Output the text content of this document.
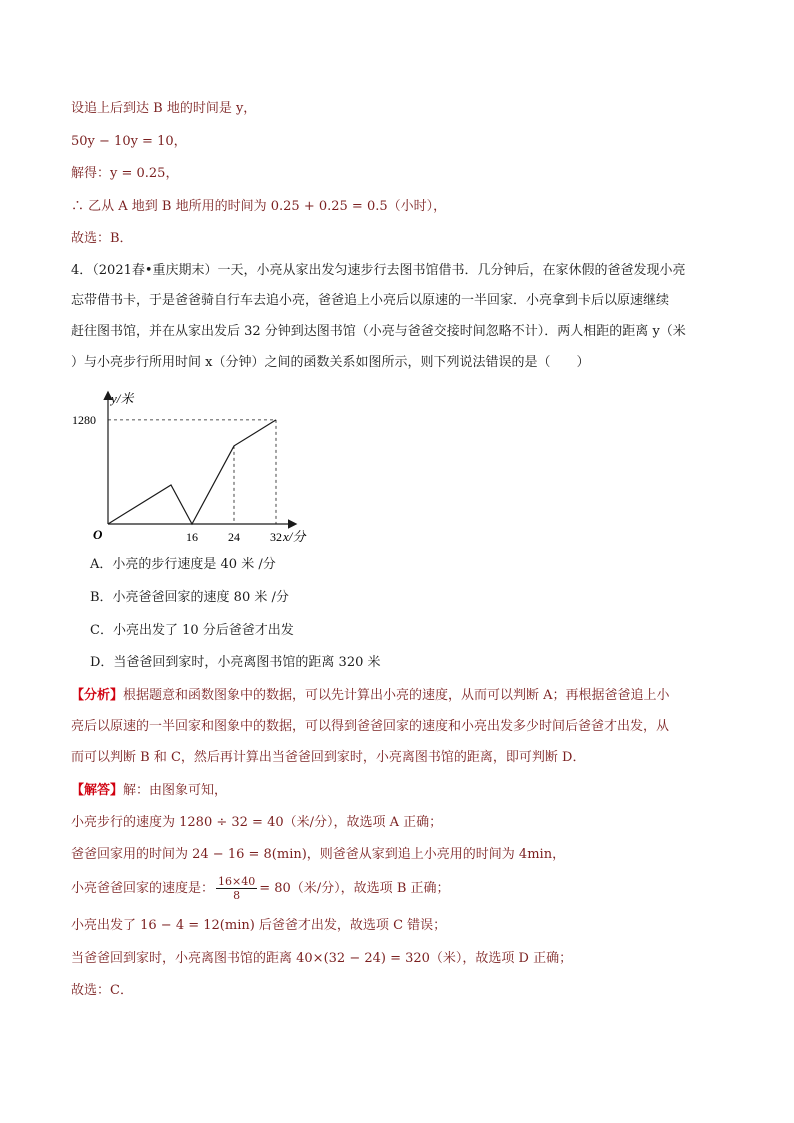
设追上后到达 B 地的时间是 y，
50y − 10y = 10，
解得：y = 0.25，
∴ 乙从 A 地到 B 地所用的时间为 0.25 + 0.25 = 0.5（小时），
故选：B．
4．（2021春•重庆期末）一天，小亮从家出发匀速步行去图书馆借书．几分钟后，在家休假的爸爸发现小亮
忘带借书卡，于是爸爸骑自行车去追小亮，爸爸追上小亮后以原速的一半回家．小亮拿到卡后以原速继续
赶往图书馆，并在从家出发后 32 分钟到达图书馆（小亮与爸爸交接时间忽略不计）．两人相距的距离 y（米
）与小亮步行所用时间 x（分钟）之间的函数关系如图所示，则下列说法错误的是（　　）
y/米
1280
O	16	24	32 x/分
A．小亮的步行速度是 40 米 /分
B．小亮爸爸回家的速度 80 米 /分
C．小亮出发了 10 分后爸爸才出发
D．当爸爸回到家时，小亮离图书馆的距离 320 米
【分析】根据题意和函数图象中的数据，可以先计算出小亮的速度，从而可以判断 A；再根据爸爸追上小
亮后以原速的一半回家和图象中的数据，可以得到爸爸回家的速度和小亮出发多少时间后爸爸才出发，从
而可以判断 B 和 C，然后再计算出当爸爸回到家时，小亮离图书馆的距离，即可判断 D．
【解答】解：由图象可知，
小亮步行的速度为 1280 ÷ 32 = 40（米/分），故选项 A 正确；
爸爸回家用的时间为 24 − 16 = 8(min)，则爸爸从家到追上小亮用的时间为 4min，
小亮爸爸回家的速度是： $\frac{16\times 40}{8} = 80$（米/分），故选项 B 正确；
小亮出发了 16 − 4 = 12(min) 后爸爸才出发，故选项 C 错误；
当爸爸回到家时，小亮离图书馆的距离 40×(32 − 24) = 320（米），故选项 D 正确；
故选：C．
